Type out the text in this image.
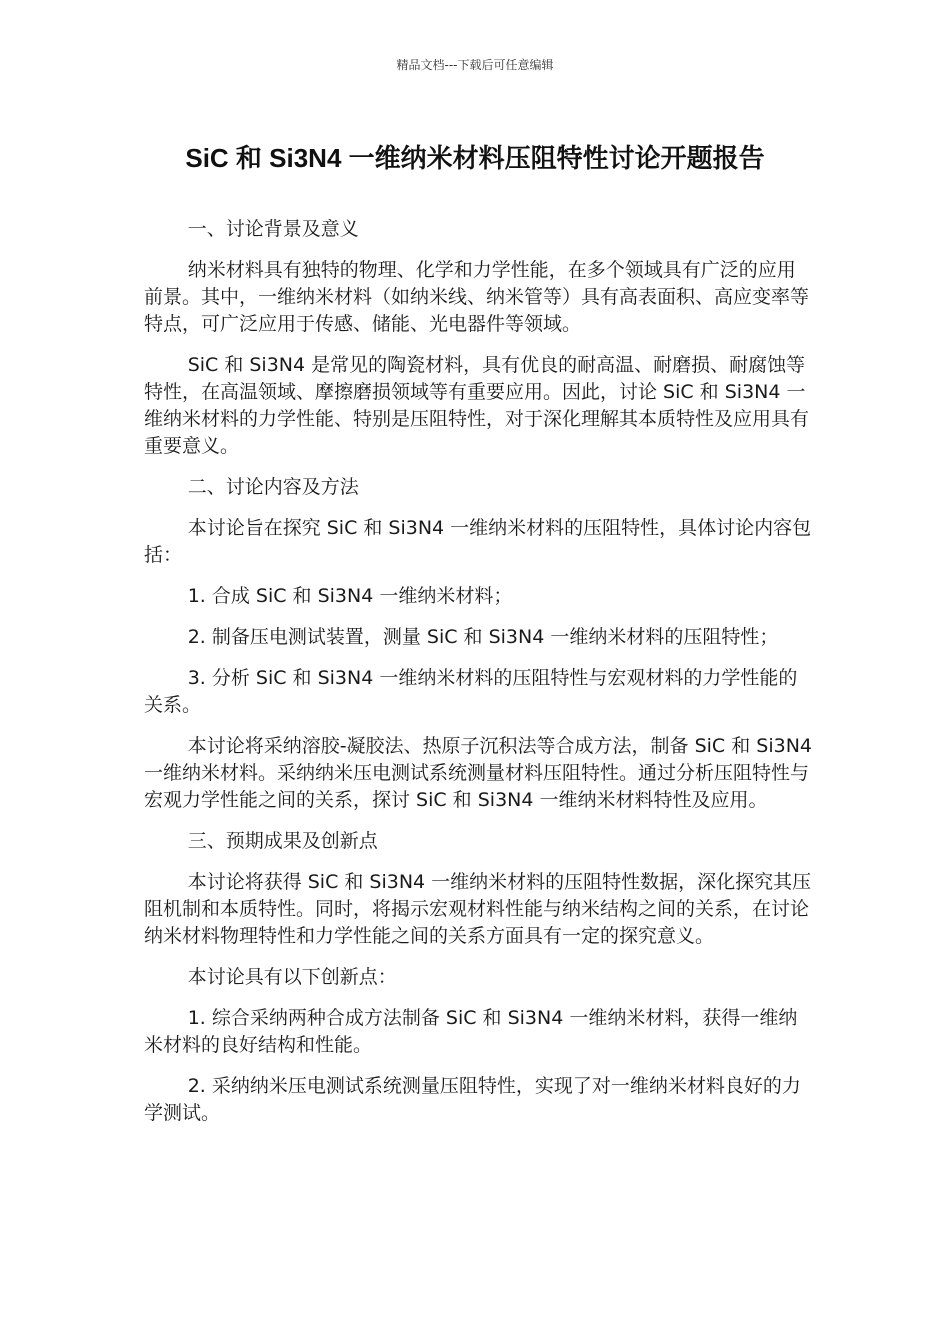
精品文档---下载后可任意编辑
SiC 和 Si3N4 一维纳米材料压阻特性讨论开题报告

一、讨论背景及意义

纳米材料具有独特的物理、化学和力学性能，在多个领域具有广泛的应用前景。其中，一维纳米材料（如纳米线、纳米管等）具有高表面积、高应变率等特点，可广泛应用于传感、储能、光电器件等领域。

SiC 和 Si3N4 是常见的陶瓷材料，具有优良的耐高温、耐磨损、耐腐蚀等特性，在高温领域、摩擦磨损领域等有重要应用。因此，讨论 SiC 和 Si3N4 一维纳米材料的力学性能、特别是压阻特性，对于深化理解其本质特性及应用具有重要意义。

二、讨论内容及方法

本讨论旨在探究 SiC 和 Si3N4 一维纳米材料的压阻特性，具体讨论内容包括：

1. 合成 SiC 和 Si3N4 一维纳米材料；

2. 制备压电测试装置，测量 SiC 和 Si3N4 一维纳米材料的压阻特性；

3. 分析 SiC 和 Si3N4 一维纳米材料的压阻特性与宏观材料的力学性能的关系。

本讨论将采纳溶胶-凝胶法、热原子沉积法等合成方法，制备 SiC 和 Si3N4 一维纳米材料。采纳纳米压电测试系统测量材料压阻特性。通过分析压阻特性与宏观力学性能之间的关系，探讨 SiC 和 Si3N4 一维纳米材料特性及应用。

三、预期成果及创新点

本讨论将获得 SiC 和 Si3N4 一维纳米材料的压阻特性数据，深化探究其压阻机制和本质特性。同时，将揭示宏观材料性能与纳米结构之间的关系，在讨论纳米材料物理特性和力学性能之间的关系方面具有一定的探究意义。

本讨论具有以下创新点：

1. 综合采纳两种合成方法制备 SiC 和 Si3N4 一维纳米材料，获得一维纳米材料的良好结构和性能。

2. 采纳纳米压电测试系统测量压阻特性，实现了对一维纳米材料良好的力学测试。
